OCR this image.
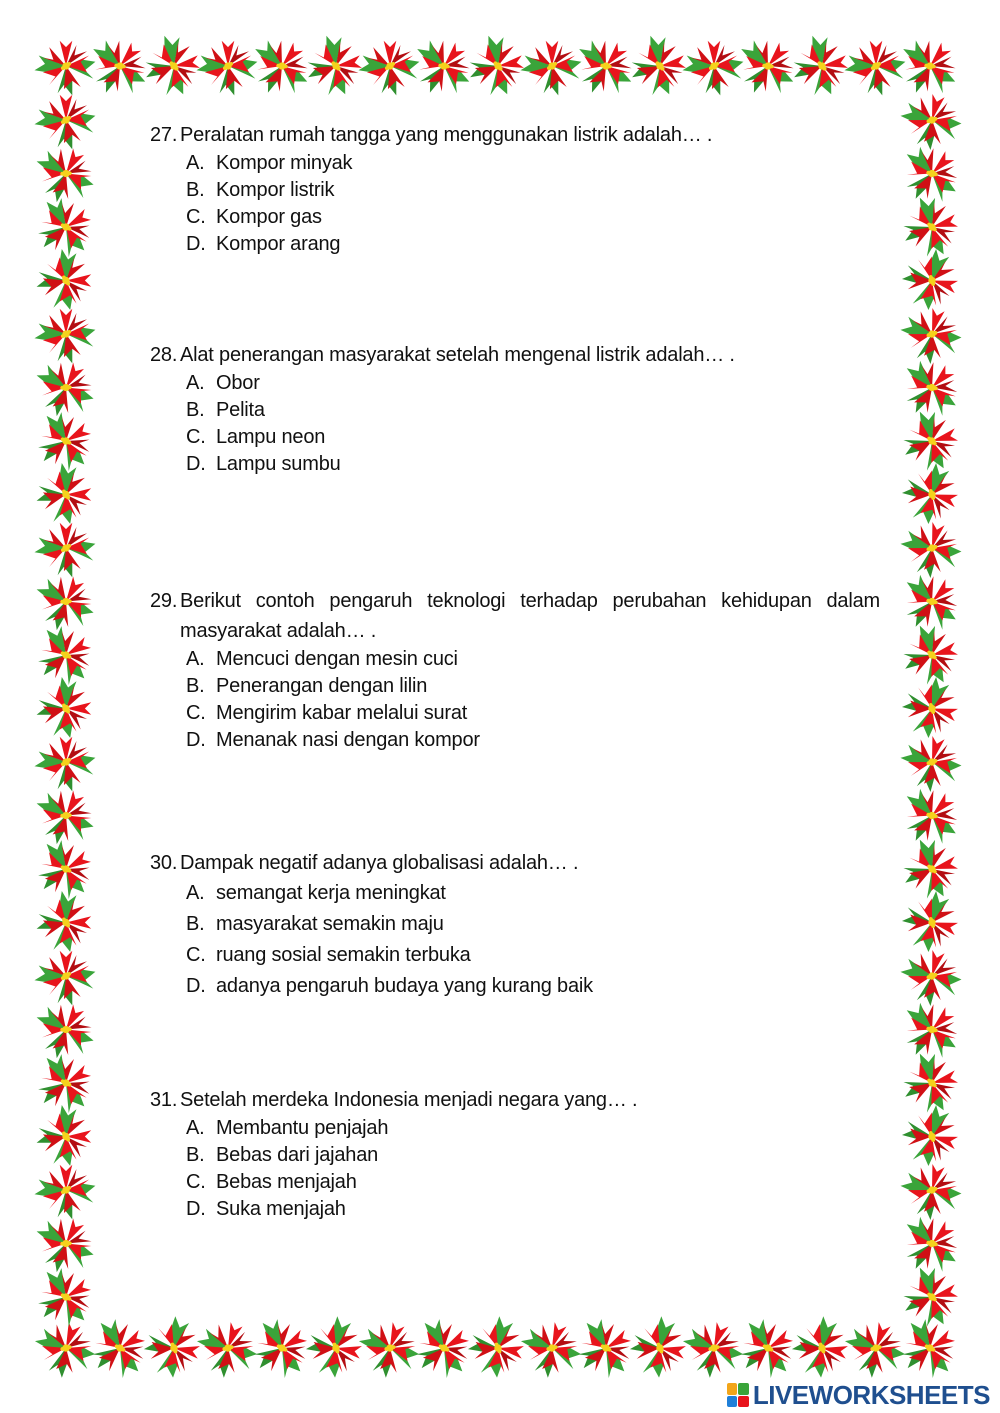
27. Peralatan rumah tangga yang menggunakan listrik adalah… .
A. Kompor minyak
B. Kompor listrik
C. Kompor gas
D. Kompor arang
28. Alat penerangan masyarakat setelah mengenal listrik adalah… .
A. Obor
B. Pelita
C. Lampu neon
D. Lampu sumbu
29. Berikut contoh pengaruh teknologi terhadap perubahan kehidupan dalam masyarakat adalah… .
A. Mencuci dengan mesin cuci
B. Penerangan dengan lilin
C. Mengirim kabar melalui surat
D. Menanak nasi dengan kompor
30. Dampak negatif adanya globalisasi adalah… .
A. semangat kerja meningkat
B. masyarakat semakin maju
C. ruang sosial semakin terbuka
D. adanya pengaruh budaya yang kurang baik
31. Setelah merdeka Indonesia menjadi negara yang… .
A. Membantu penjajah
B. Bebas dari jajahan
C. Bebas menjajah
D. Suka menjajah
LIVEWORKSHEETS
